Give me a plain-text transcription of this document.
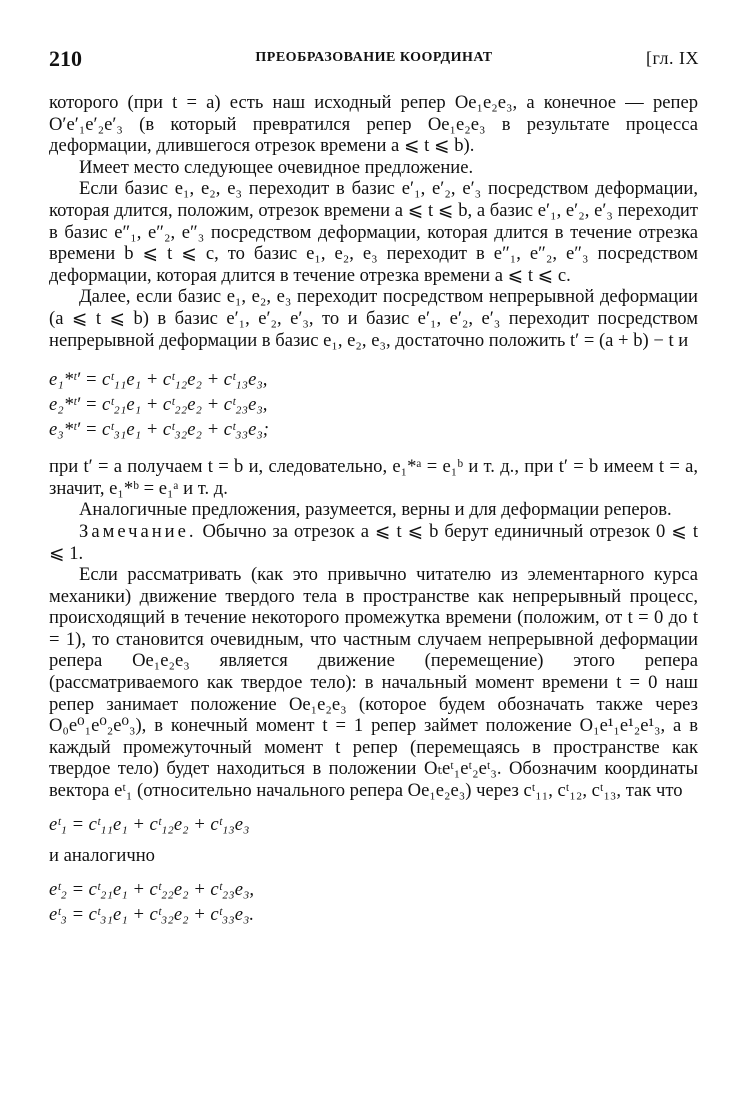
210	ПРЕОБРАЗОВАНИЕ КООРДИНАТ	[гл. IX

которого (при t = a) есть наш исходный репер Oe₁e₂e₃, а конечное — репер O′e′₁e′₂e′₃ (в который превратился репер Oe₁e₂e₃ в результате процесса деформации, длившегося отрезок времени a ⩽ t ⩽ b).

Имеет место следующее очевидное предложение.

Если базис e₁, e₂, e₃ переходит в базис e′₁, e′₂, e′₃ посредством деформации, которая длится, положим, отрезок времени a ⩽ t ⩽ b, а базис e′₁, e′₂, e′₃ переходит в базис e″₁, e″₂, e″₃ посредством деформации, которая длится в течение отрезка времени b ⩽ t ⩽ c, то базис e₁, e₂, e₃ переходит в e″₁, e″₂, e″₃ посредством деформации, которая длится в течение отрезка времени a ⩽ t ⩽ c.

Далее, если базис e₁, e₂, e₃ переходит посредством непрерывной деформации (a ⩽ t ⩽ b) в базис e′₁, e′₂, e′₃, то и базис e′₁, e′₂, e′₃ переходит посредством непрерывной деформации в базис e₁, e₂, e₃, достаточно положить t′ = (a + b) − t и

e₁*ᵗ′ = cᵗ₁₁e₁ + cᵗ₁₂e₂ + cᵗ₁₃e₃,

e₂*ᵗ′ = cᵗ₂₁e₁ + cᵗ₂₂e₂ + cᵗ₂₃e₃,

e₃*ᵗ′ = cᵗ₃₁e₁ + cᵗ₃₂e₂ + cᵗ₃₃e₃;

при t′ = a получаем t = b и, следовательно, e₁*ᵃ = e₁ᵇ и т. д., при t′ = b имеем t = a, значит, e₁*ᵇ = e₁ᵃ и т. д.

Аналогичные предложения, разумеется, верны и для деформации реперов.

Замечание. Обычно за отрезок a ⩽ t ⩽ b берут единичный отрезок 0 ⩽ t ⩽ 1.

Если рассматривать (как это привычно читателю из элементарного курса механики) движение твердого тела в пространстве как непрерывный процесс, происходящий в течение некоторого промежутка времени (положим, от t = 0 до t = 1), то становится очевидным, что частным случаем непрерывной деформации репера Oe₁e₂e₃ является движение (перемещение) этого репера (рассматриваемого как твердое тело): в начальный момент времени t = 0 наш репер занимает положение Oe₁e₂e₃ (которое будем обозначать также через O₀e⁰₁e⁰₂e⁰₃), в конечный момент t = 1 репер займет положение O₁e¹₁e¹₂e¹₃, а в каждый промежуточный момент t репер (перемещаясь в пространстве как твердое тело) будет находиться в положении Oₜeᵗ₁eᵗ₂eᵗ₃. Обозначим координаты вектора eᵗ₁ (относительно начального репера Oe₁e₂e₃) через cᵗ₁₁, cᵗ₁₂, cᵗ₁₃, так что

eᵗ₁ = cᵗ₁₁e₁ + cᵗ₁₂e₂ + cᵗ₁₃e₃

и аналогично

eᵗ₂ = cᵗ₂₁e₁ + cᵗ₂₂e₂ + cᵗ₂₃e₃,

eᵗ₃ = cᵗ₃₁e₁ + cᵗ₃₂e₂ + cᵗ₃₃e₃.
